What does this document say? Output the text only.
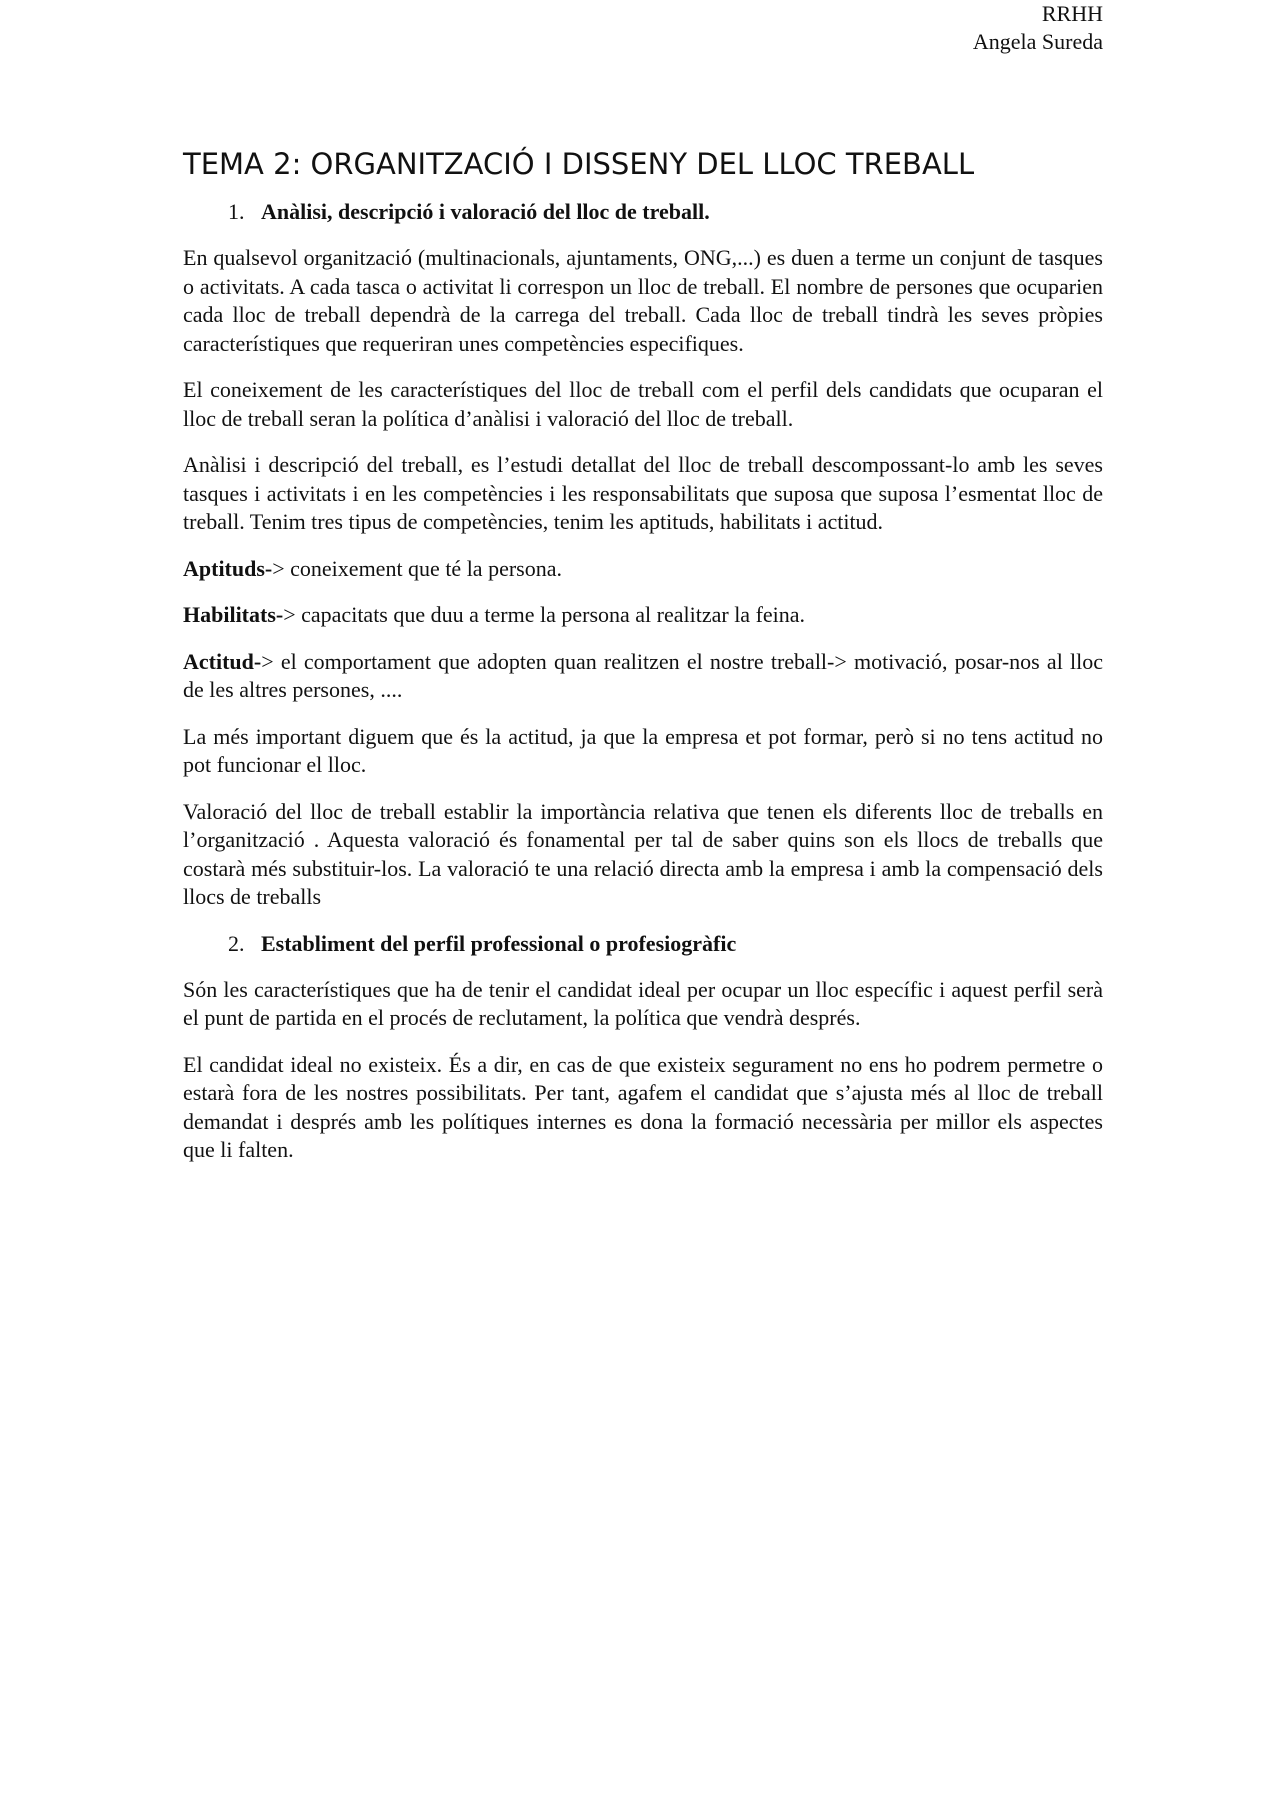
RRHH
Angela Sureda
TEMA 2: ORGANITZACIÓ I DISSENY DEL LLOC TREBALL
1. Anàlisi, descripció i valoració del lloc de treball.

En qualsevol organització (multinacionals, ajuntaments, ONG,...) es duen a terme un conjunt de tasques o activitats. A cada tasca o activitat li correspon un lloc de treball. El nombre de persones que ocuparien cada lloc de treball dependrà de la carrega del treball. Cada lloc de treball tindrà les seves pròpies característiques que requeriran unes competències especifiques.

El coneixement de les característiques del lloc de treball com el perfil dels candidats que ocuparan el lloc de treball seran la política d’anàlisi i valoració del lloc de treball.

Anàlisi i descripció del treball, es l’estudi detallat del lloc de treball descompossant-lo amb les seves tasques i activitats i en les competències i les responsabilitats que suposa que suposa l’esmentat lloc de treball. Tenim tres tipus de competències, tenim les aptituds, habilitats i actitud.

Aptituds-> coneixement que té la persona.

Habilitats-> capacitats que duu a terme la persona al realitzar la feina.

Actitud-> el comportament que adopten quan realitzen el nostre treball-> motivació, posar-nos al lloc de les altres persones, ....

La més important diguem que és la actitud, ja que la empresa et pot formar, però si no tens actitud no pot funcionar el lloc.

Valoració del lloc de treball establir la importància relativa que tenen els diferents lloc de treballs en l’organització . Aquesta valoració és fonamental per tal de saber quins son els llocs de treballs que costarà més substituir-los. La valoració te una relació directa amb la empresa i amb la compensació dels llocs de treballs

2. Establiment del perfil professional o profesiogràfic

Són les característiques que ha de tenir el candidat ideal per ocupar un lloc específic i aquest perfil serà el punt de partida en el procés de reclutament, la política que vendrà després.

El candidat ideal no existeix. És a dir, en cas de que existeix segurament no ens ho podrem permetre o estarà fora de les nostres possibilitats. Per tant, agafem el candidat que s’ajusta més al lloc de treball demandat i després amb les polítiques internes es dona la formació necessària per millor els aspectes que li falten.
